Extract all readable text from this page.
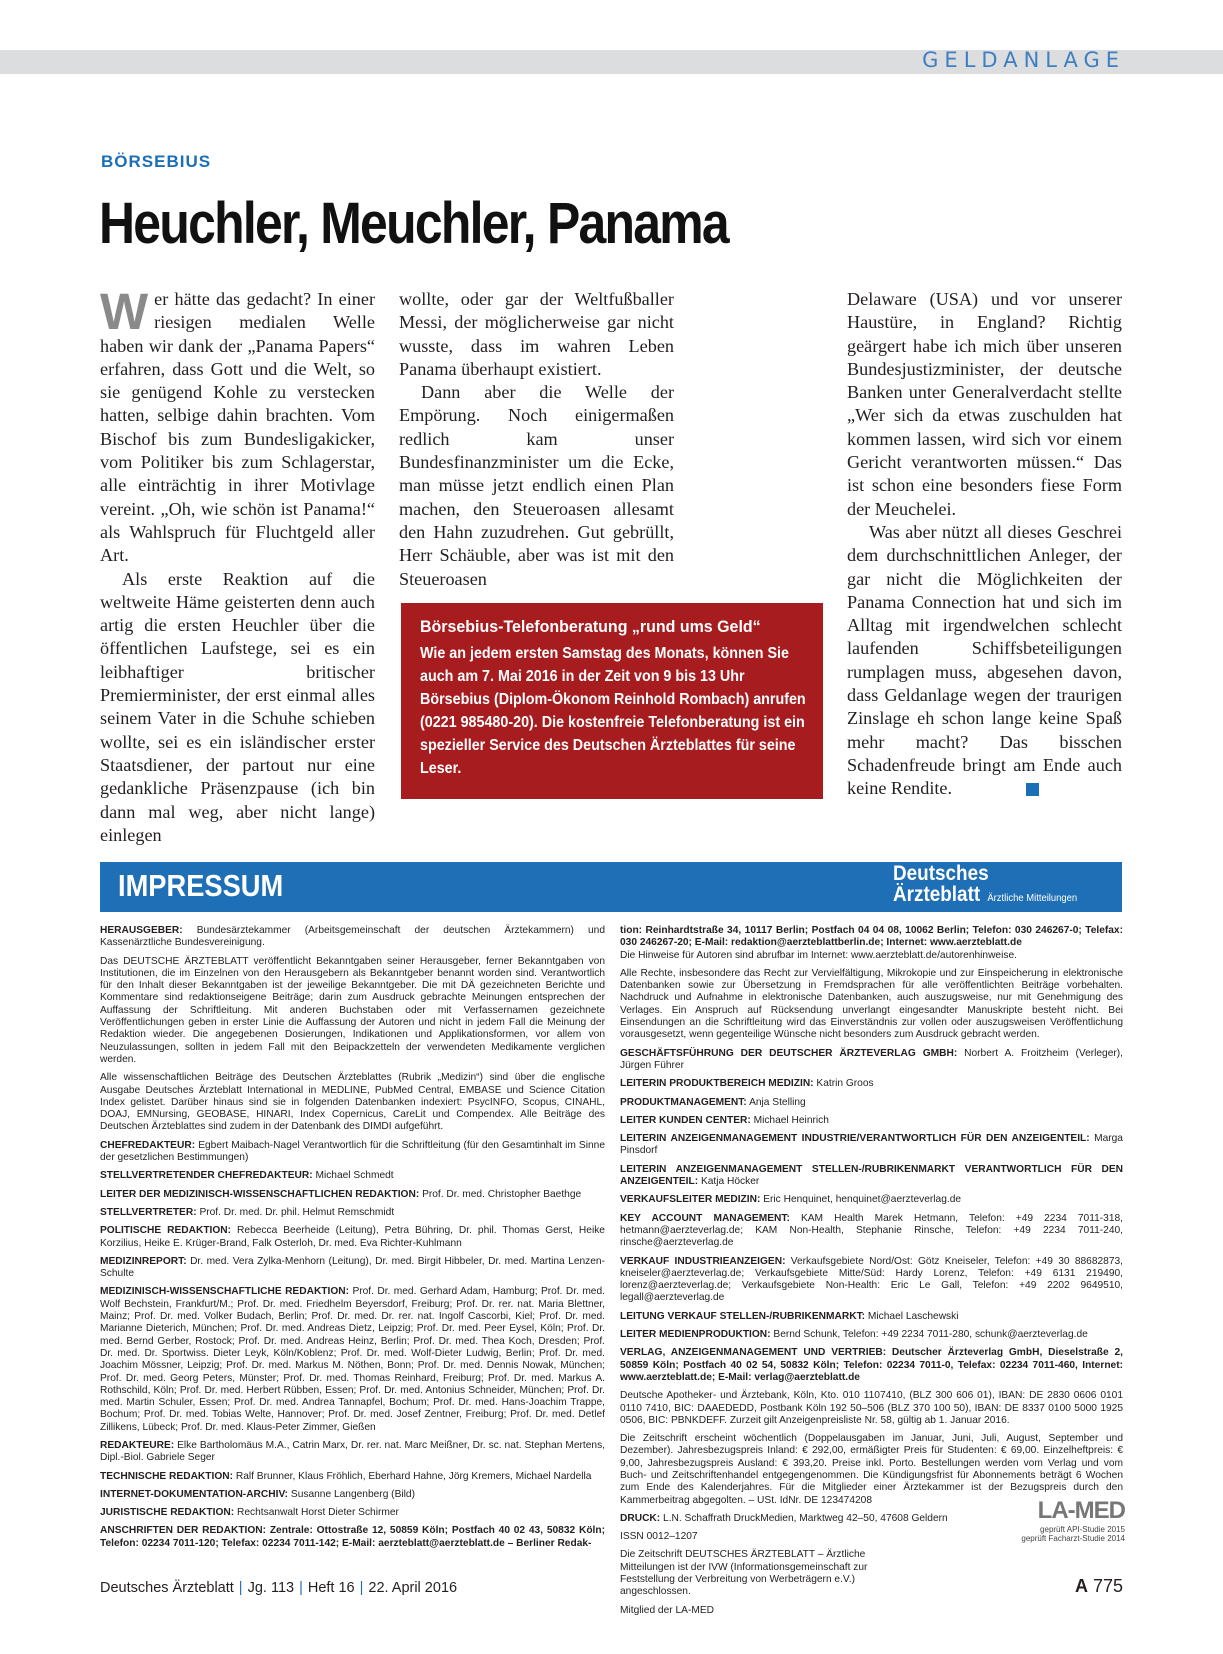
GELDANLAGE
BÖRSEBIUS
Heuchler, Meuchler, Panama

Wer hätte das gedacht? In einer riesigen medialen Welle haben wir dank der „Panama Papers“ erfahren, dass Gott und die Welt, so sie genügend Kohle zu verstecken hatten, selbige dahin brachten. Vom Bischof bis zum Bundesligakicker, vom Politiker bis zum Schlagerstar, alle einträchtig in ihrer Motivlage vereint. „Oh, wie schön ist Panama!“ als Wahlspruch für Fluchtgeld aller Art.

Als erste Reaktion auf die weltweite Häme geisterten denn auch artig die ersten Heuchler über die öffentlichen Laufstege, sei es ein leibhaftiger britischer Premierminister, der erst einmal alles seinem Vater in die Schuhe schieben wollte, sei es ein isländischer erster Staatsdiener, der partout nur eine gedankliche Präsenzpause (ich bin dann mal weg, aber nicht lange) einlegen

wollte, oder gar der Weltfußballer Messi, der möglicherweise gar nicht wusste, dass im wahren Leben Panama überhaupt existiert.

Dann aber die Welle der Empörung. Noch einigermaßen redlich kam unser Bundesfinanzminister um die Ecke, man müsse jetzt endlich einen Plan machen, den Steueroasen allesamt den Hahn zuzudrehen. Gut gebrüllt, Herr Schäuble, aber was ist mit den Steueroasen

Delaware (USA) und vor unserer Haustüre, in England? Richtig geärgert habe ich mich über unseren Bundesjustizminister, der deutsche Banken unter Generalverdacht stellte „Wer sich da etwas zuschulden hat kommen lassen, wird sich vor einem Gericht verantworten müssen.“ Das ist schon eine besonders fiese Form der Meuchelei.

Was aber nützt all dieses Geschrei dem durchschnittlichen Anleger, der gar nicht die Möglichkeiten der Panama Connection hat und sich im Alltag mit irgendwelchen schlecht laufenden Schiffsbeteiligungen rumplagen muss, abgesehen davon, dass Geldanlage wegen der traurigen Zinslage eh schon lange keine Spaß mehr macht? Das bisschen Schadenfreude bringt am Ende auch keine Rendite.

Börsebius-Telefonberatung „rund ums Geld“
Wie an jedem ersten Samstag des Monats, können Sie auch am 7. Mai 2016 in der Zeit von 9 bis 13 Uhr Börsebius (Diplom-Ökonom Reinhold Rombach) anrufen (0221 985480-20). Die kostenfreie Telefonberatung ist ein spezieller Service des Deutschen Ärzteblattes für seine Leser.
IMPRESSUM	Deutsches
Ärzteblatt Ärztliche Mitteilungen

HERAUSGEBER: Bundesärztekammer (Arbeitsgemeinschaft der deutschen Ärztekammern) und Kassenärztliche Bundesvereinigung.

Das DEUTSCHE ÄRZTEBLATT veröffentlicht Bekanntgaben seiner Herausgeber, ferner Bekanntgaben von Institutionen, die im Einzelnen von den Herausgebern als Bekanntgeber benannt worden sind. Verantwortlich für den Inhalt dieser Bekanntgaben ist der jeweilige Bekanntgeber. Die mit DÄ gezeichneten Berichte und Kommentare sind redaktionseigene Beiträge; darin zum Ausdruck gebrachte Meinungen entsprechen der Auffassung der Schriftleitung. Mit anderen Buchstaben oder mit Verfassernamen gezeichnete Veröffentlichungen geben in erster Linie die Auffassung der Autoren und nicht in jedem Fall die Meinung der Redaktion wieder. Die angegebenen Dosierungen, Indikationen und Applikationsformen, vor allem von Neuzulassungen, sollten in jedem Fall mit den Beipackzetteln der verwendeten Medikamente verglichen werden.

Alle wissenschaftlichen Beiträge des Deutschen Ärzteblattes (Rubrik „Medizin“) sind über die englische Ausgabe Deutsches Ärzteblatt International in MEDLINE, PubMed Central, EMBASE und Science Citation Index gelistet. Darüber hinaus sind sie in folgenden Datenbanken indexiert: PsycINFO, Scopus, CINAHL, DOAJ, EMNursing, GEOBASE, HINARI, Index Copernicus, CareLit und Compendex. Alle Beiträge des Deutschen Ärzteblattes sind zudem in der Datenbank des DIMDI aufgeführt.

CHEFREDAKTEUR: Egbert Maibach-Nagel Verantwortlich für die Schriftleitung (für den Gesamtinhalt im Sinne der gesetzlichen Bestimmungen)

STELLVERTRETENDER CHEFREDAKTEUR: Michael Schmedt

LEITER DER MEDIZINISCH-WISSENSCHAFTLICHEN REDAKTION: Prof. Dr. med. Christopher Baethge

STELLVERTRETER: Prof. Dr. med. Dr. phil. Helmut Remschmidt

POLITISCHE REDAKTION: Rebecca Beerheide (Leitung), Petra Bühring, Dr. phil. Thomas Gerst, Heike Korzilius, Heike E. Krüger-Brand, Falk Osterloh, Dr. med. Eva Richter-Kuhlmann

MEDIZINREPORT: Dr. med. Vera Zylka-Menhorn (Leitung), Dr. med. Birgit Hibbeler, Dr. med. Martina Lenzen-Schulte

MEDIZINISCH-WISSENSCHAFTLICHE REDAKTION: Prof. Dr. med. Gerhard Adam, Hamburg; Prof. Dr. med. Wolf Bechstein, Frankfurt/M.; Prof. Dr. med. Friedhelm Beyersdorf, Freiburg; Prof. Dr. rer. nat. Maria Blettner, Mainz; Prof. Dr. med. Volker Budach, Berlin; Prof. Dr. med. Dr. rer. nat. Ingolf Cascorbi, Kiel; Prof. Dr. med. Marianne Dieterich, München; Prof. Dr. med. Andreas Dietz, Leipzig; Prof. Dr. med. Peer Eysel, Köln; Prof. Dr. med. Bernd Gerber, Rostock; Prof. Dr. med. Andreas Heinz, Berlin; Prof. Dr. med. Thea Koch, Dresden; Prof. Dr. med. Dr. Sportwiss. Dieter Leyk, Köln/Koblenz; Prof. Dr. med. Wolf-Dieter Ludwig, Berlin; Prof. Dr. med. Joachim Mössner, Leipzig; Prof. Dr. med. Markus M. Nöthen, Bonn; Prof. Dr. med. Dennis Nowak, München; Prof. Dr. med. Georg Peters, Münster; Prof. Dr. med. Thomas Reinhard, Freiburg; Prof. Dr. med. Markus A. Rothschild, Köln; Prof. Dr. med. Herbert Rübben, Essen; Prof. Dr. med. Antonius Schneider, München; Prof. Dr. med. Martin Schuler, Essen; Prof. Dr. med. Andrea Tannapfel, Bochum; Prof. Dr. med. Hans-Joachim Trappe, Bochum; Prof. Dr. med. Tobias Welte, Hannover; Prof. Dr. med. Josef Zentner, Freiburg; Prof. Dr. med. Detlef Zillikens, Lübeck; Prof. Dr. med. Klaus-Peter Zimmer, Gießen

REDAKTEURE: Elke Bartholomäus M.A., Catrin Marx, Dr. rer. nat. Marc Meißner, Dr. sc. nat. Stephan Mertens, Dipl.-Biol. Gabriele Seger

TECHNISCHE REDAKTION: Ralf Brunner, Klaus Fröhlich, Eberhard Hahne, Jörg Kremers, Michael Nardella

INTERNET-DOKUMENTATION-ARCHIV: Susanne Langenberg (Bild)

JURISTISCHE REDAKTION: Rechtsanwalt Horst Dieter Schirmer

ANSCHRIFTEN DER REDAKTION: Zentrale: Ottostraße 12, 50859 Köln; Postfach 40 02 43, 50832 Köln; Telefon: 02234 7011-120; Telefax: 02234 7011-142; E-Mail: aerzteblatt@aerzteblatt.de – Berliner Redak-

tion: Reinhardtstraße 34, 10117 Berlin; Postfach 04 04 08, 10062 Berlin; Telefon: 030 246267-0; Telefax: 030 246267-20; E-Mail: redaktion@aerzteblattberlin.de; Internet: www.aerzteblatt.de
Die Hinweise für Autoren sind abrufbar im Internet: www.aerzteblatt.de/autorenhinweise.

Alle Rechte, insbesondere das Recht zur Vervielfältigung, Mikrokopie und zur Einspeicherung in elektronische Datenbanken sowie zur Übersetzung in Fremdsprachen für alle veröffentlichten Beiträge vorbehalten. Nachdruck und Aufnahme in elektronische Datenbanken, auch auszugsweise, nur mit Genehmigung des Verlages. Ein Anspruch auf Rücksendung unverlangt eingesandter Manuskripte besteht nicht. Bei Einsendungen an die Schriftleitung wird das Einverständnis zur vollen oder auszugsweisen Veröffentlichung vorausgesetzt, wenn gegenteilige Wünsche nicht besonders zum Ausdruck gebracht werden.

GESCHÄFTSFÜHRUNG DER DEUTSCHER ÄRZTEVERLAG GMBH: Norbert A. Froitzheim (Verleger), Jürgen Führer

LEITERIN PRODUKTBEREICH MEDIZIN: Katrin Groos

PRODUKTMANAGEMENT: Anja Stelling

LEITER KUNDEN CENTER: Michael Heinrich

LEITERIN ANZEIGENMANAGEMENT INDUSTRIE/VERANTWORTLICH FÜR DEN ANZEIGENTEIL: Marga Pinsdorf

LEITERIN ANZEIGENMANAGEMENT STELLEN-/RUBRIKENMARKT VERANTWORTLICH FÜR DEN ANZEIGENTEIL: Katja Höcker

VERKAUFSLEITER MEDIZIN: Eric Henquinet, henquinet@aerzteverlag.de

KEY ACCOUNT MANAGEMENT: KAM Health Marek Hetmann, Telefon: +49 2234 7011-318, hetmann@aerzteverlag.de; KAM Non-Health, Stephanie Rinsche, Telefon: +49 2234 7011-240, rinsche@aerzteverlag.de

VERKAUF INDUSTRIEANZEIGEN: Verkaufsgebiete Nord/Ost: Götz Kneiseler, Telefon: +49 30 88682873, kneiseler@aerzteverlag.de; Verkaufsgebiete Mitte/Süd: Hardy Lorenz, Telefon: +49 6131 219490, lorenz@aerzteverlag.de; Verkaufsgebiete Non-Health: Eric Le Gall, Telefon: +49 2202 9649510, legall@aerzteverlag.de

LEITUNG VERKAUF STELLEN-/RUBRIKENMARKT: Michael Laschewski

LEITER MEDIENPRODUKTION: Bernd Schunk, Telefon: +49 2234 7011-280, schunk@aerzteverlag.de

VERLAG, ANZEIGENMANAGEMENT UND VERTRIEB: Deutscher Ärzteverlag GmbH, Dieselstraße 2, 50859 Köln; Postfach 40 02 54, 50832 Köln; Telefon: 02234 7011-0, Telefax: 02234 7011-460, Internet: www.aerzteblatt.de; E-Mail: verlag@aerzteblatt.de

Deutsche Apotheker- und Ärztebank, Köln, Kto. 010 1107410, (BLZ 300 606 01), IBAN: DE 2830 0606 0101 0110 7410, BIC: DAAEDEDD, Postbank Köln 192 50–506 (BLZ 370 100 50), IBAN: DE 8337 0100 5000 1925 0506, BIC: PBNKDEFF. Zurzeit gilt Anzeigenpreisliste Nr. 58, gültig ab 1. Januar 2016.

Die Zeitschrift erscheint wöchentlich (Doppelausgaben im Januar, Juni, Juli, August, September und Dezember). Jahresbezugspreis Inland: € 292,00, ermäßigter Preis für Studenten: € 69,00. Einzelheftpreis: € 9,00, Jahresbezugspreis Ausland: € 393,20. Preise inkl. Porto. Bestellungen werden vom Verlag und vom Buch- und Zeitschriftenhandel entgegengenommen. Die Kündigungsfrist für Abonnements beträgt 6 Wochen zum Ende des Kalenderjahres. Für die Mitglieder einer Ärztekammer ist der Bezugspreis durch den Kammerbeitrag abgegolten. – USt. IdNr. DE 123474208

DRUCK: L.N. Schaffrath DruckMedien, Marktweg 42–50, 47608 Geldern

ISSN 0012–1207

Die Zeitschrift DEUTSCHES ÄRZTEBLATT – Ärztliche Mitteilungen ist der IVW (Informationsgemeinschaft zur Feststellung der Verbreitung von Werbeträgern e.V.) angeschlossen.

Mitglied der LA-MED

LA-MED
geprüft API-Studie 2015
geprüft Facharzt-Studie 2014
Deutsches Ärzteblatt | Jg. 113 | Heft 16 | 22. April 2016	A 775
